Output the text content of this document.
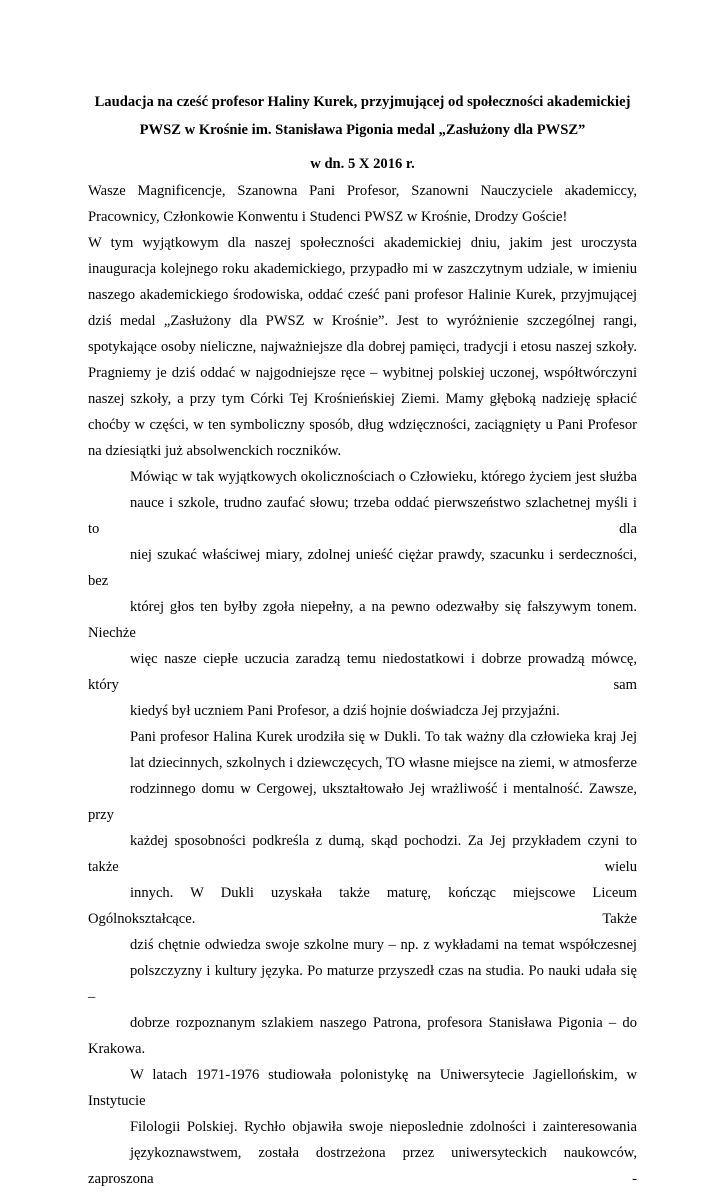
Laudacja na cześć profesor Haliny Kurek, przyjmującej od społeczności akademickiej
PWSZ w Krośnie im. Stanisława Pigonia medal „Zasłużony dla PWSZ”

w dn. 5 X 2016 r.

Wasze Magnificencje, Szanowna Pani Profesor, Szanowni Nauczyciele akademiccy,
Pracownicy, Członkowie Konwentu i Studenci PWSZ w Krośnie, Drodzy Goście!

W tym wyjątkowym dla naszej społeczności akademickiej dniu, jakim jest uroczysta
inauguracja kolejnego roku akademickiego, przypadło mi w zaszczytnym udziale, w imieniu
naszego akademickiego środowiska, oddać cześć pani profesor Halinie Kurek, przyjmującej
dziś medal „Zasłużony dla PWSZ w Krośnie”. Jest to wyróżnienie szczególnej rangi,
spotykające osoby nieliczne, najważniejsze dla dobrej pamięci, tradycji i etosu naszej szkoły.
Pragniemy je dziś oddać w najgodniejsze ręce – wybitnej polskiej uczonej, współtwórczyni
naszej szkoły, a przy tym Córki Tej Krośnieńskiej Ziemi. Mamy głęboką nadzieję spłacić
choćby w części, w ten symboliczny sposób, dług wdzięczności, zaciągnięty u Pani Profesor
na dziesiątki już absolwenckich roczników.

Mówiąc w tak wyjątkowych okolicznościach o Człowieku, którego życiem jest służba
nauce i szkole, trudno zaufać słowu; trzeba oddać pierwszeństwo szlachetnej myśli i to dla
niej szukać właściwej miary, zdolnej unieść ciężar prawdy, szacunku i serdeczności, bez
której głos ten byłby zgoła niepełny, a na pewno odezwałby się fałszywym tonem. Niechże
więc nasze ciepłe uczucia zaradzą temu niedostatkowi i dobrze prowadzą mówcę, który sam
kiedyś był uczniem Pani Profesor, a dziś hojnie doświadcza Jej przyjaźni.

Pani profesor Halina Kurek urodziła się w Dukli. To tak ważny dla człowieka kraj Jej
lat dziecinnych, szkolnych i dziewczęcych, TO własne miejsce na ziemi, w atmosferze
rodzinnego domu w Cergowej, ukształtowało Jej wrażliwość i mentalność. Zawsze, przy
każdej sposobności podkreśla z dumą, skąd pochodzi. Za Jej przykładem czyni to także wielu
innych. W Dukli uzyskała także maturę, kończąc miejscowe Liceum Ogólnokształcące. Także
dziś chętnie odwiedza swoje szkolne mury – np. z wykładami na temat współczesnej
polszczyzny i kultury języka. Po maturze przyszedł czas na studia. Po nauki udała się –
dobrze rozpoznanym szlakiem naszego Patrona, profesora Stanisława Pigonia – do Krakowa.
W latach 1971-1976 studiowała polonistykę na Uniwersytecie Jagiellońskim, w Instytucie
Filologii Polskiej. Rychło objawiła swoje nieposlednie zdolności i zainteresowania
językoznawstwem, została dostrzeżona przez uniwersyteckich naukowców, zaproszona -
